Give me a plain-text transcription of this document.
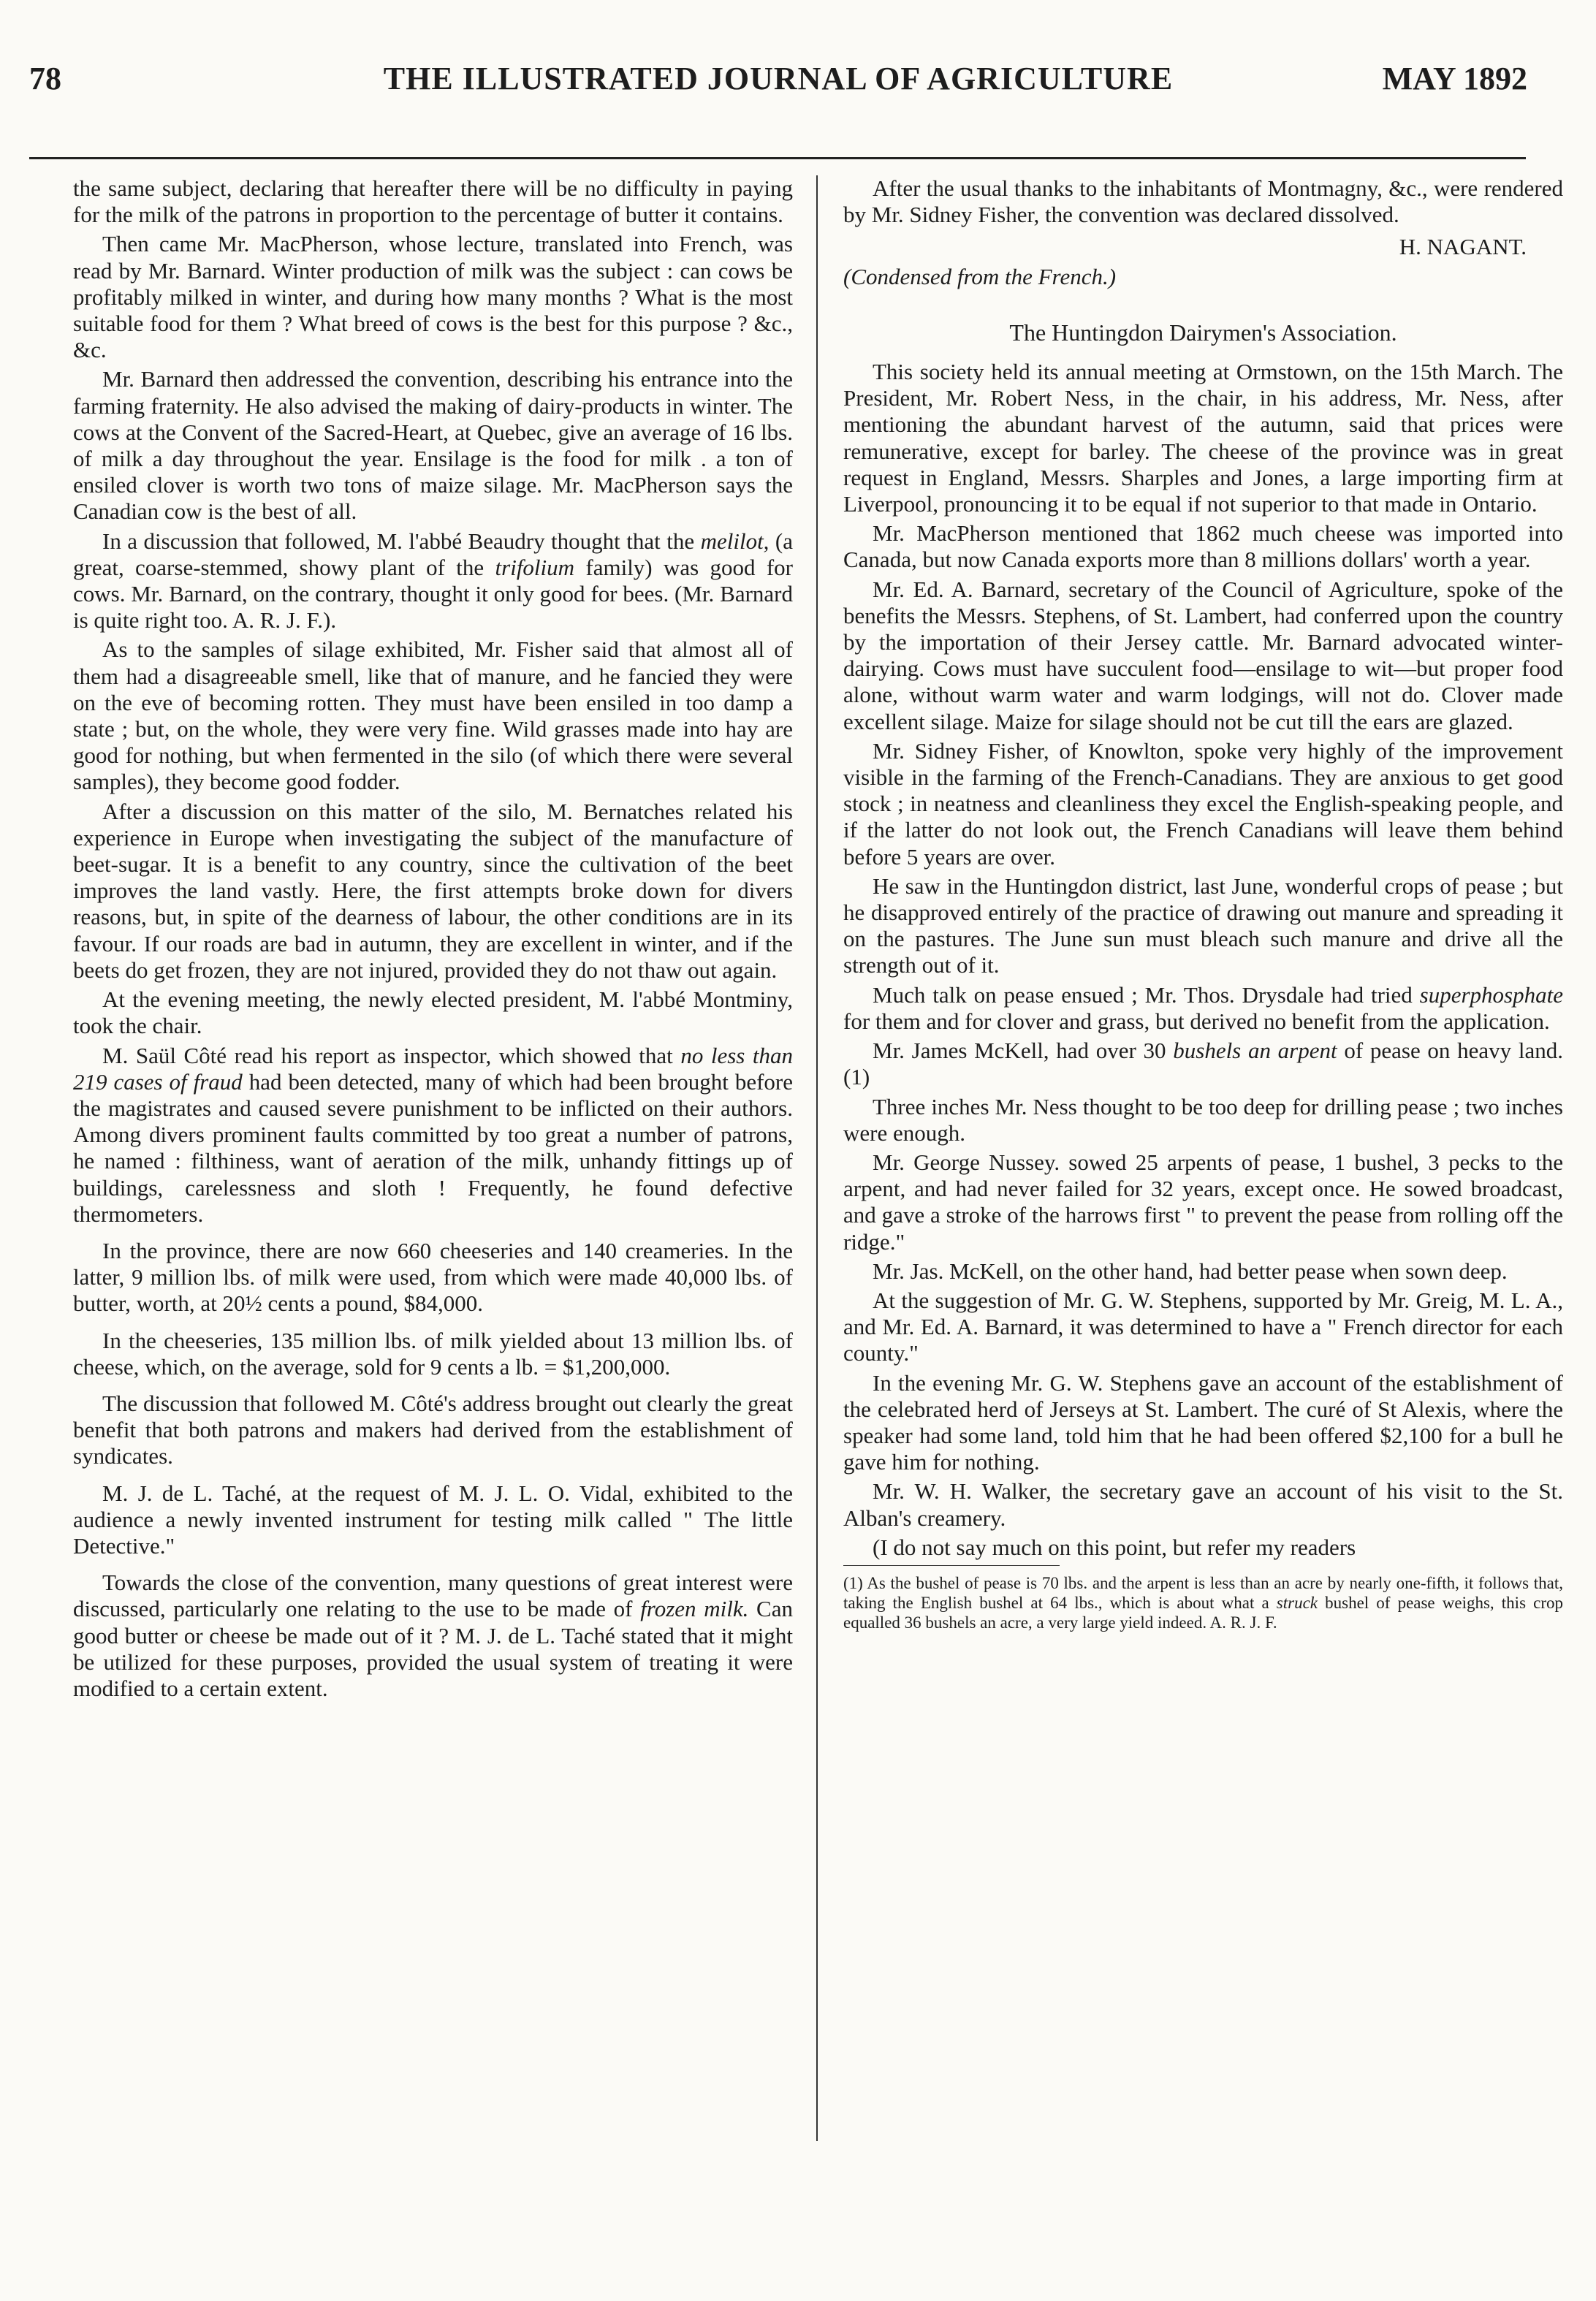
78	THE ILLUSTRATED JOURNAL OF AGRICULTURE	MAY 1892

the same subject, declaring that hereafter there will be no difficulty in paying for the milk of the patrons in proportion to the percentage of butter it contains.

Then came Mr. MacPherson, whose lecture, translated into French, was read by Mr. Barnard. Winter production of milk was the subject : can cows be profitably milked in winter, and during how many months ? What is the most suitable food for them ? What breed of cows is the best for this purpose ? &c., &c.

Mr. Barnard then addressed the convention, describing his entrance into the farming fraternity. He also advised the making of dairy-products in winter. The cows at the Convent of the Sacred-Heart, at Quebec, give an average of 16 lbs. of milk a day throughout the year. Ensilage is the food for milk . a ton of ensiled clover is worth two tons of maize silage. Mr. MacPherson says the Canadian cow is the best of all.

In a discussion that followed, M. l'abbé Beaudry thought that the melilot, (a great, coarse-stemmed, showy plant of the trifolium family) was good for cows. Mr. Barnard, on the contrary, thought it only good for bees. (Mr. Barnard is quite right too. A. R. J. F.).

As to the samples of silage exhibited, Mr. Fisher said that almost all of them had a disagreeable smell, like that of manure, and he fancied they were on the eve of becoming rotten. They must have been ensiled in too damp a state ; but, on the whole, they were very fine. Wild grasses made into hay are good for nothing, but when fermented in the silo (of which there were several samples), they become good fodder.

After a discussion on this matter of the silo, M. Bernatches related his experience in Europe when investigating the subject of the manufacture of beet-sugar. It is a benefit to any country, since the cultivation of the beet improves the land vastly. Here, the first attempts broke down for divers reasons, but, in spite of the dearness of labour, the other conditions are in its favour. If our roads are bad in autumn, they are excellent in winter, and if the beets do get frozen, they are not injured, provided they do not thaw out again.

At the evening meeting, the newly elected president, M. l'abbé Montminy, took the chair.

M. Saül Côté read his report as inspector, which showed that no less than 219 cases of fraud had been detected, many of which had been brought before the magistrates and caused severe punishment to be inflicted on their authors. Among divers prominent faults committed by too great a number of patrons, he named : filthiness, want of aeration of the milk, unhandy fittings up of buildings, carelessness and sloth ! Frequently, he found defective thermometers.

In the province, there are now 660 cheeseries and 140 creameries. In the latter, 9 million lbs. of milk were used, from which were made 40,000 lbs. of butter, worth, at 20½ cents a pound, $84,000.

In the cheeseries, 135 million lbs. of milk yielded about 13 million lbs. of cheese, which, on the average, sold for 9 cents a lb. = $1,200,000.

The discussion that followed M. Côté's address brought out clearly the great benefit that both patrons and makers had derived from the establishment of syndicates.

M. J. de L. Taché, at the request of M. J. L. O. Vidal, exhibited to the audience a newly invented instrument for testing milk called " The little Detective."

Towards the close of the convention, many questions of great interest were discussed, particularly one relating to the use to be made of frozen milk. Can good butter or cheese be made out of it ? M. J. de L. Taché stated that it might be utilized for these purposes, provided the usual system of treating it were modified to a certain extent.

After the usual thanks to the inhabitants of Montmagny, &c., were rendered by Mr. Sidney Fisher, the convention was declared dissolved.

H. NAGANT.
(Condensed from the French.)
The Huntingdon Dairymen's Association.

This society held its annual meeting at Ormstown, on the 15th March. The President, Mr. Robert Ness, in the chair, in his address, Mr. Ness, after mentioning the abundant harvest of the autumn, said that prices were remunerative, except for barley. The cheese of the province was in great request in England, Messrs. Sharples and Jones, a large importing firm at Liverpool, pronouncing it to be equal if not superior to that made in Ontario.

Mr. MacPherson mentioned that 1862 much cheese was imported into Canada, but now Canada exports more than 8 millions dollars' worth a year.

Mr. Ed. A. Barnard, secretary of the Council of Agriculture, spoke of the benefits the Messrs. Stephens, of St. Lambert, had conferred upon the country by the importation of their Jersey cattle. Mr. Barnard advocated winter-dairying. Cows must have succulent food—ensilage to wit—but proper food alone, without warm water and warm lodgings, will not do. Clover made excellent silage. Maize for silage should not be cut till the ears are glazed.

Mr. Sidney Fisher, of Knowlton, spoke very highly of the improvement visible in the farming of the French-Canadians. They are anxious to get good stock ; in neatness and cleanliness they excel the English-speaking people, and if the latter do not look out, the French Canadians will leave them behind before 5 years are over.

He saw in the Huntingdon district, last June, wonderful crops of pease ; but he disapproved entirely of the practice of drawing out manure and spreading it on the pastures. The June sun must bleach such manure and drive all the strength out of it.

Much talk on pease ensued ; Mr. Thos. Drysdale had tried superphosphate for them and for clover and grass, but derived no benefit from the application.

Mr. James McKell, had over 30 bushels an arpent of pease on heavy land. (1)

Three inches Mr. Ness thought to be too deep for drilling pease ; two inches were enough.

Mr. George Nussey. sowed 25 arpents of pease, 1 bushel, 3 pecks to the arpent, and had never failed for 32 years, except once. He sowed broadcast, and gave a stroke of the harrows first " to prevent the pease from rolling off the ridge."

Mr. Jas. McKell, on the other hand, had better pease when sown deep.

At the suggestion of Mr. G. W. Stephens, supported by Mr. Greig, M. L. A., and Mr. Ed. A. Barnard, it was determined to have a " French director for each county."

In the evening Mr. G. W. Stephens gave an account of the establishment of the celebrated herd of Jerseys at St. Lambert. The curé of St Alexis, where the speaker had some land, told him that he had been offered $2,100 for a bull he gave him for nothing.

Mr. W. H. Walker, the secretary gave an account of his visit to the St. Alban's creamery.

(I do not say much on this point, but refer my readers

(1) As the bushel of pease is 70 lbs. and the arpent is less than an acre by nearly one-fifth, it follows that, taking the English bushel at 64 lbs., which is about what a struck bushel of pease weighs, this crop equalled 36 bushels an acre, a very large yield indeed. A. R. J. F.
